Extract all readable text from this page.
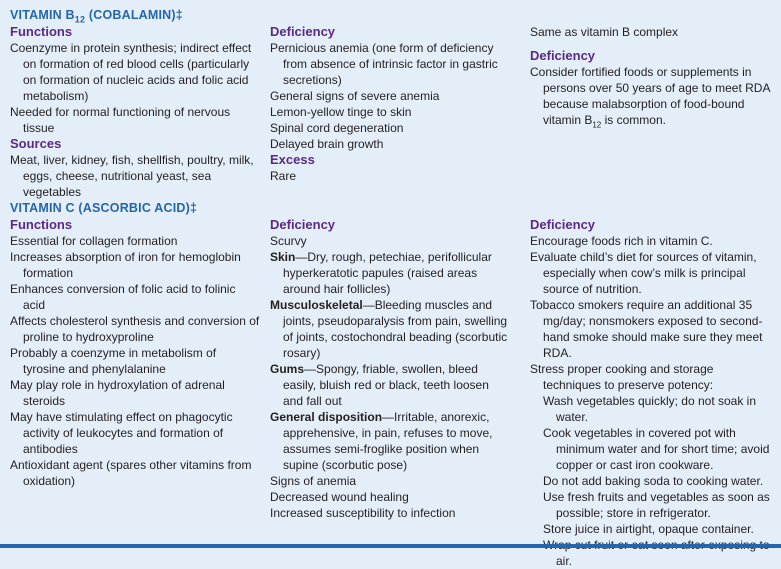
VITAMIN $B_{12}$ (COBALAMIN)‡
Functions
Coenzyme in protein synthesis; indirect effect on formation of red blood cells (particularly on formation of nucleic acids and folic acid metabolism)
Needed for normal functioning of nervous tissue
Sources
Meat, liver, kidney, fish, shellfish, poultry, milk, eggs, cheese, nutritional yeast, sea vegetables
Deficiency
Pernicious anemia (one form of deficiency from absence of intrinsic factor in gastric secretions)
General signs of severe anemia
Lemon-yellow tinge to skin
Spinal cord degeneration
Delayed brain growth
Excess
Rare
Same as vitamin B complex
Deficiency
Consider fortified foods or supplements in persons over 50 years of age to meet RDA because malabsorption of food-bound vitamin $B_{12}$ is common.
VITAMIN C (ASCORBIC ACID)‡
Functions
Essential for collagen formation
Increases absorption of iron for hemoglobin formation
Enhances conversion of folic acid to folinic acid
Affects cholesterol synthesis and conversion of proline to hydroxyproline
Probably a coenzyme in metabolism of tyrosine and phenylalanine
May play role in hydroxylation of adrenal steroids
May have stimulating effect on phagocytic activity of leukocytes and formation of antibodies
Antioxidant agent (spares other vitamins from oxidation)
Deficiency
Scurvy
Skin—Dry, rough, petechiae, perifollicular hyperkeratotic papules (raised areas around hair follicles)
Musculoskeletal—Bleeding muscles and joints, pseudoparalysis from pain, swelling of joints, costochondral beading (scorbutic rosary)
Gums—Spongy, friable, swollen, bleed easily, bluish red or black, teeth loosen and fall out
General disposition—Irritable, anorexic, apprehensive, in pain, refuses to move, assumes semi-froglike position when supine (scorbutic pose)
Signs of anemia
Decreased wound healing
Increased susceptibility to infection
Deficiency
Encourage foods rich in vitamin C.
Evaluate child’s diet for sources of vitamin, especially when cow’s milk is principal source of nutrition.
Tobacco smokers require an additional 35 mg/day; nonsmokers exposed to second-hand smoke should make sure they meet RDA.
Stress proper cooking and storage techniques to preserve potency:
Wash vegetables quickly; do not soak in water.
Cook vegetables in covered pot with minimum water and for short time; avoid copper or cast iron cookware.
Do not add baking soda to cooking water.
Use fresh fruits and vegetables as soon as possible; store in refrigerator.
Store juice in airtight, opaque container.
air.
